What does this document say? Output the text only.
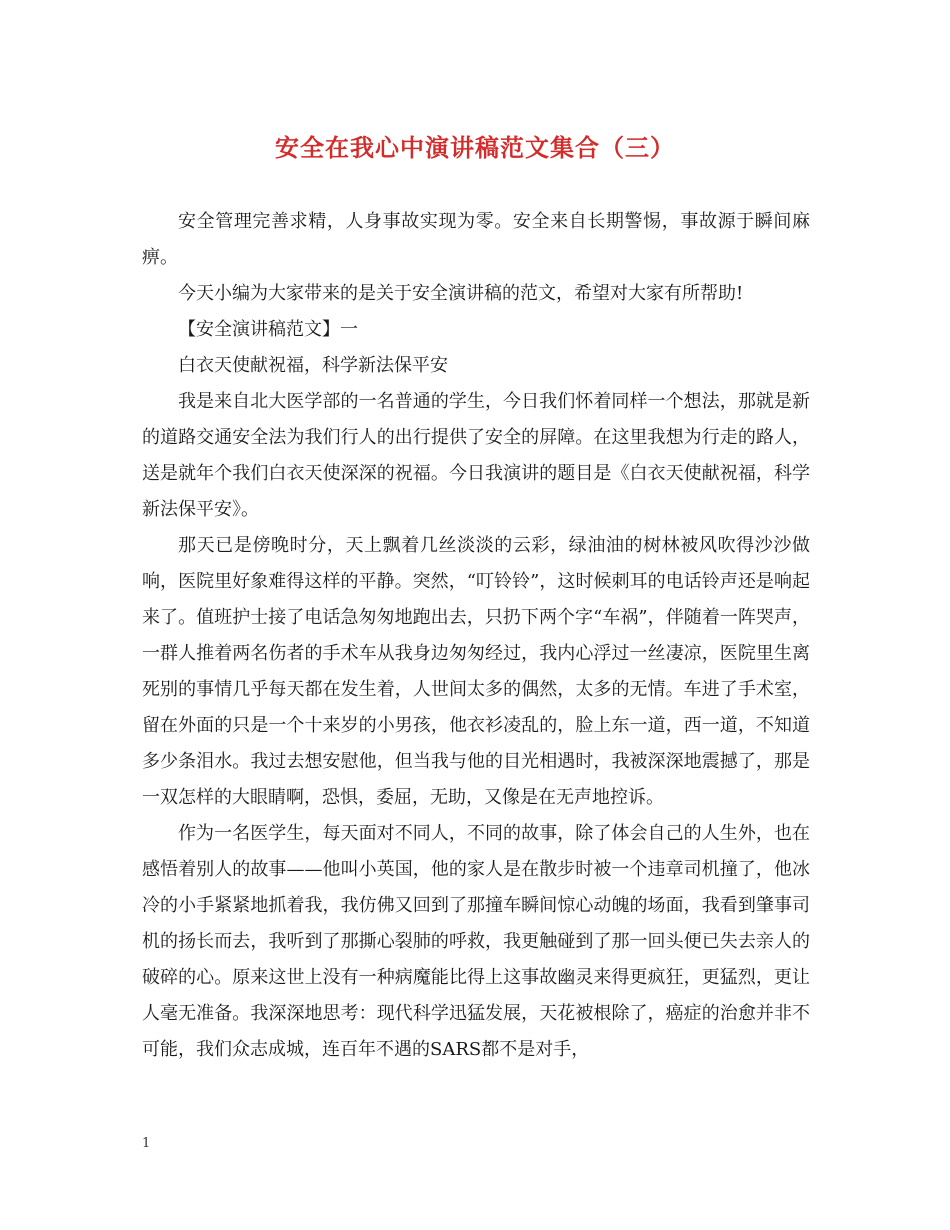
安全在我心中演讲稿范文集合（三）

安全管理完善求精，人身事故实现为零。安全来自长期警惕，事故源于瞬间麻痹。

今天小编为大家带来的是关于安全演讲稿的范文，希望对大家有所帮助!

【安全演讲稿范文】一

白衣天使献祝福，科学新法保平安

我是来自北大医学部的一名普通的学生，今日我们怀着同样一个想法，那就是新的道路交通安全法为我们行人的出行提供了安全的屏障。在这里我想为行走的路人，送是就年个我们白衣天使深深的祝福。今日我演讲的题目是《白衣天使献祝福，科学新法保平安》。

那天已是傍晚时分，天上飘着几丝淡淡的云彩，绿油油的树林被风吹得沙沙做响，医院里好象难得这样的平静。突然，“叮铃铃”，这时候刺耳的电话铃声还是响起来了。值班护士接了电话急匆匆地跑出去，只扔下两个字“车祸”，伴随着一阵哭声，一群人推着两名伤者的手术车从我身边匆匆经过，我内心浮过一丝凄凉，医院里生离死别的事情几乎每天都在发生着，人世间太多的偶然，太多的无情。车进了手术室，留在外面的只是一个十来岁的小男孩，他衣衫凌乱的，脸上东一道，西一道，不知道多少条泪水。我过去想安慰他，但当我与他的目光相遇时，我被深深地震撼了，那是一双怎样的大眼睛啊，恐惧，委屈，无助，又像是在无声地控诉。

作为一名医学生，每天面对不同人，不同的故事，除了体会自己的人生外，也在感悟着别人的故事——他叫小英国，他的家人是在散步时被一个违章司机撞了，他冰冷的小手紧紧地抓着我，我仿佛又回到了那撞车瞬间惊心动魄的场面，我看到肇事司机的扬长而去，我听到了那撕心裂肺的呼救，我更触碰到了那一回头便已失去亲人的破碎的心。原来这世上没有一种病魔能比得上这事故幽灵来得更疯狂，更猛烈，更让人毫无准备。我深深地思考：现代科学迅猛发展，天花被根除了，癌症的治愈并非不可能，我们众志成城，连百年不遇的SARS都不是对手，

1
